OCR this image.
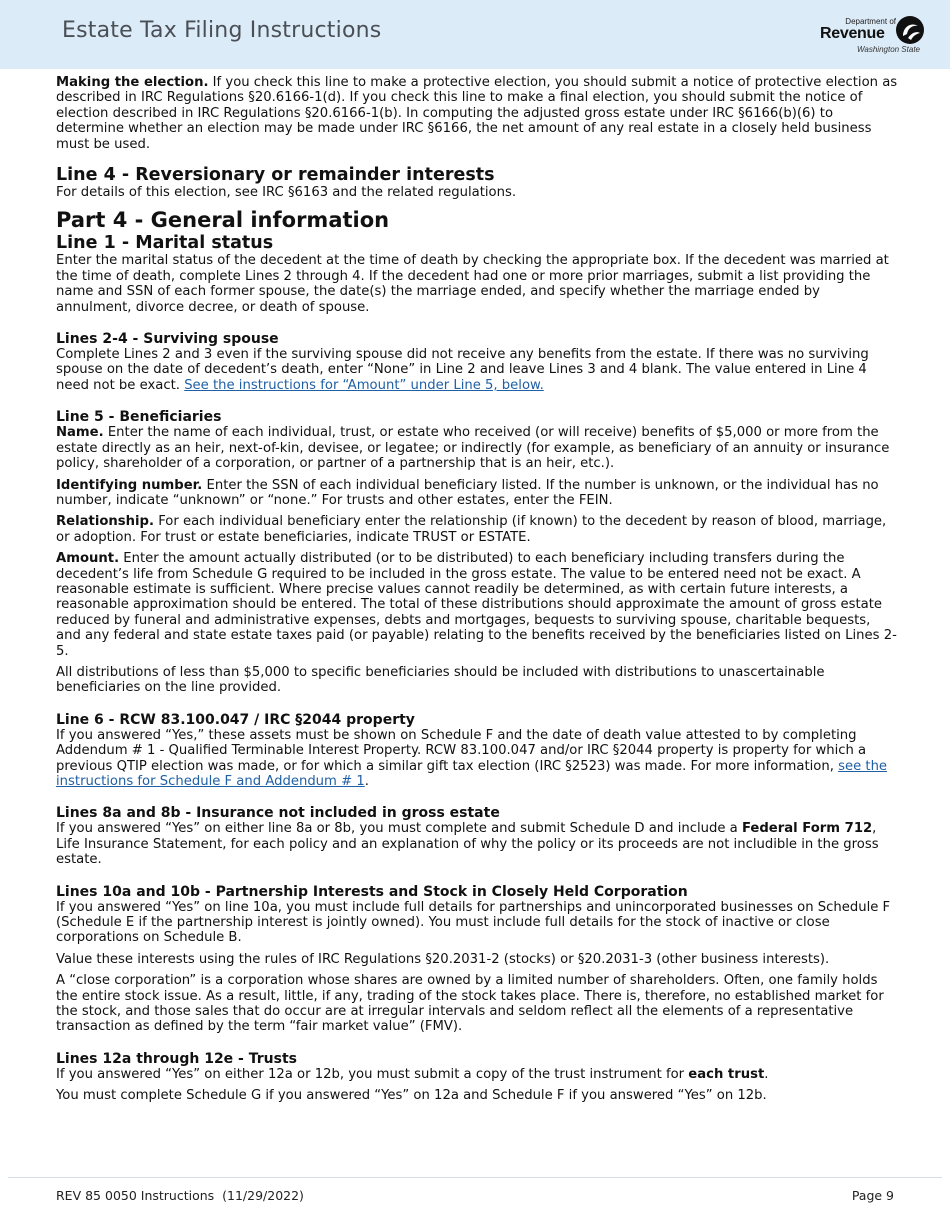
Estate Tax Filing Instructions	Department of
Revenue
Washington State

Making the election. If you check this line to make a protective election, you should submit a notice of protective election as described in IRC Regulations §20.6166-1(d). If you check this line to make a final election, you should submit the notice of election described in IRC Regulations §20.6166-1(b). In computing the adjusted gross estate under IRC §6166(b)(6) to determine whether an election may be made under IRC §6166, the net amount of any real estate in a closely held business must be used.

Line 4 - Reversionary or remainder interests

For details of this election, see IRC §6163 and the related regulations.

Part 4 - General information
Line 1 - Marital status

Enter the marital status of the decedent at the time of death by checking the appropriate box. If the decedent was married at the time of death, complete Lines 2 through 4. If the decedent had one or more prior marriages, submit a list providing the name and SSN of each former spouse, the date(s) the marriage ended, and specify whether the marriage ended by annulment, divorce decree, or death of spouse.

Lines 2-4 - Surviving spouse

Complete Lines 2 and 3 even if the surviving spouse did not receive any benefits from the estate. If there was no surviving spouse on the date of decedent’s death, enter “None” in Line 2 and leave Lines 3 and 4 blank. The value entered in Line 4 need not be exact. See the instructions for “Amount” under Line 5, below.

Line 5 - Beneficiaries

Name. Enter the name of each individual, trust, or estate who received (or will receive) benefits of $5,000 or more from the estate directly as an heir, next-of-kin, devisee, or legatee; or indirectly (for example, as beneficiary of an annuity or insurance policy, shareholder of a corporation, or partner of a partnership that is an heir, etc.).

Identifying number. Enter the SSN of each individual beneficiary listed. If the number is unknown, or the individual has no number, indicate “unknown” or “none.” For trusts and other estates, enter the FEIN.

Relationship. For each individual beneficiary enter the relationship (if known) to the decedent by reason of blood, marriage, or adoption. For trust or estate beneficiaries, indicate TRUST or ESTATE.

Amount. Enter the amount actually distributed (or to be distributed) to each beneficiary including transfers during the decedent’s life from Schedule G required to be included in the gross estate. The value to be entered need not be exact. A reasonable estimate is sufficient. Where precise values cannot readily be determined, as with certain future interests, a reasonable approximation should be entered. The total of these distributions should approximate the amount of gross estate reduced by funeral and administrative expenses, debts and mortgages, bequests to surviving spouse, charitable bequests, and any federal and state estate taxes paid (or payable) relating to the benefits received by the beneficiaries listed on Lines 2-5.

All distributions of less than $5,000 to specific beneficiaries should be included with distributions to unascertainable beneficiaries on the line provided.

Line 6 - RCW 83.100.047 / IRC §2044 property

If you answered “Yes,” these assets must be shown on Schedule F and the date of death value attested to by completing Addendum # 1 - Qualified Terminable Interest Property. RCW 83.100.047 and/or IRC §2044 property is property for which a previous QTIP election was made, or for which a similar gift tax election (IRC §2523) was made. For more information, see the instructions for Schedule F and Addendum # 1.

Lines 8a and 8b - Insurance not included in gross estate

If you answered “Yes” on either line 8a or 8b, you must complete and submit Schedule D and include a Federal Form 712, Life Insurance Statement, for each policy and an explanation of why the policy or its proceeds are not includible in the gross estate.

Lines 10a and 10b - Partnership Interests and Stock in Closely Held Corporation

If you answered “Yes” on line 10a, you must include full details for partnerships and unincorporated businesses on Schedule F (Schedule E if the partnership interest is jointly owned). You must include full details for the stock of inactive or close corporations on Schedule B.

Value these interests using the rules of IRC Regulations §20.2031-2 (stocks) or §20.2031-3 (other business interests).

A “close corporation” is a corporation whose shares are owned by a limited number of shareholders. Often, one family holds the entire stock issue. As a result, little, if any, trading of the stock takes place. There is, therefore, no established market for the stock, and those sales that do occur are at irregular intervals and seldom reflect all the elements of a representative transaction as defined by the term “fair market value” (FMV).

Lines 12a through 12e - Trusts

If you answered “Yes” on either 12a or 12b, you must submit a copy of the trust instrument for each trust.

You must complete Schedule G if you answered “Yes” on 12a and Schedule F if you answered “Yes” on 12b.

REV 85 0050 Instructions  (11/29/2022)	Page 9
